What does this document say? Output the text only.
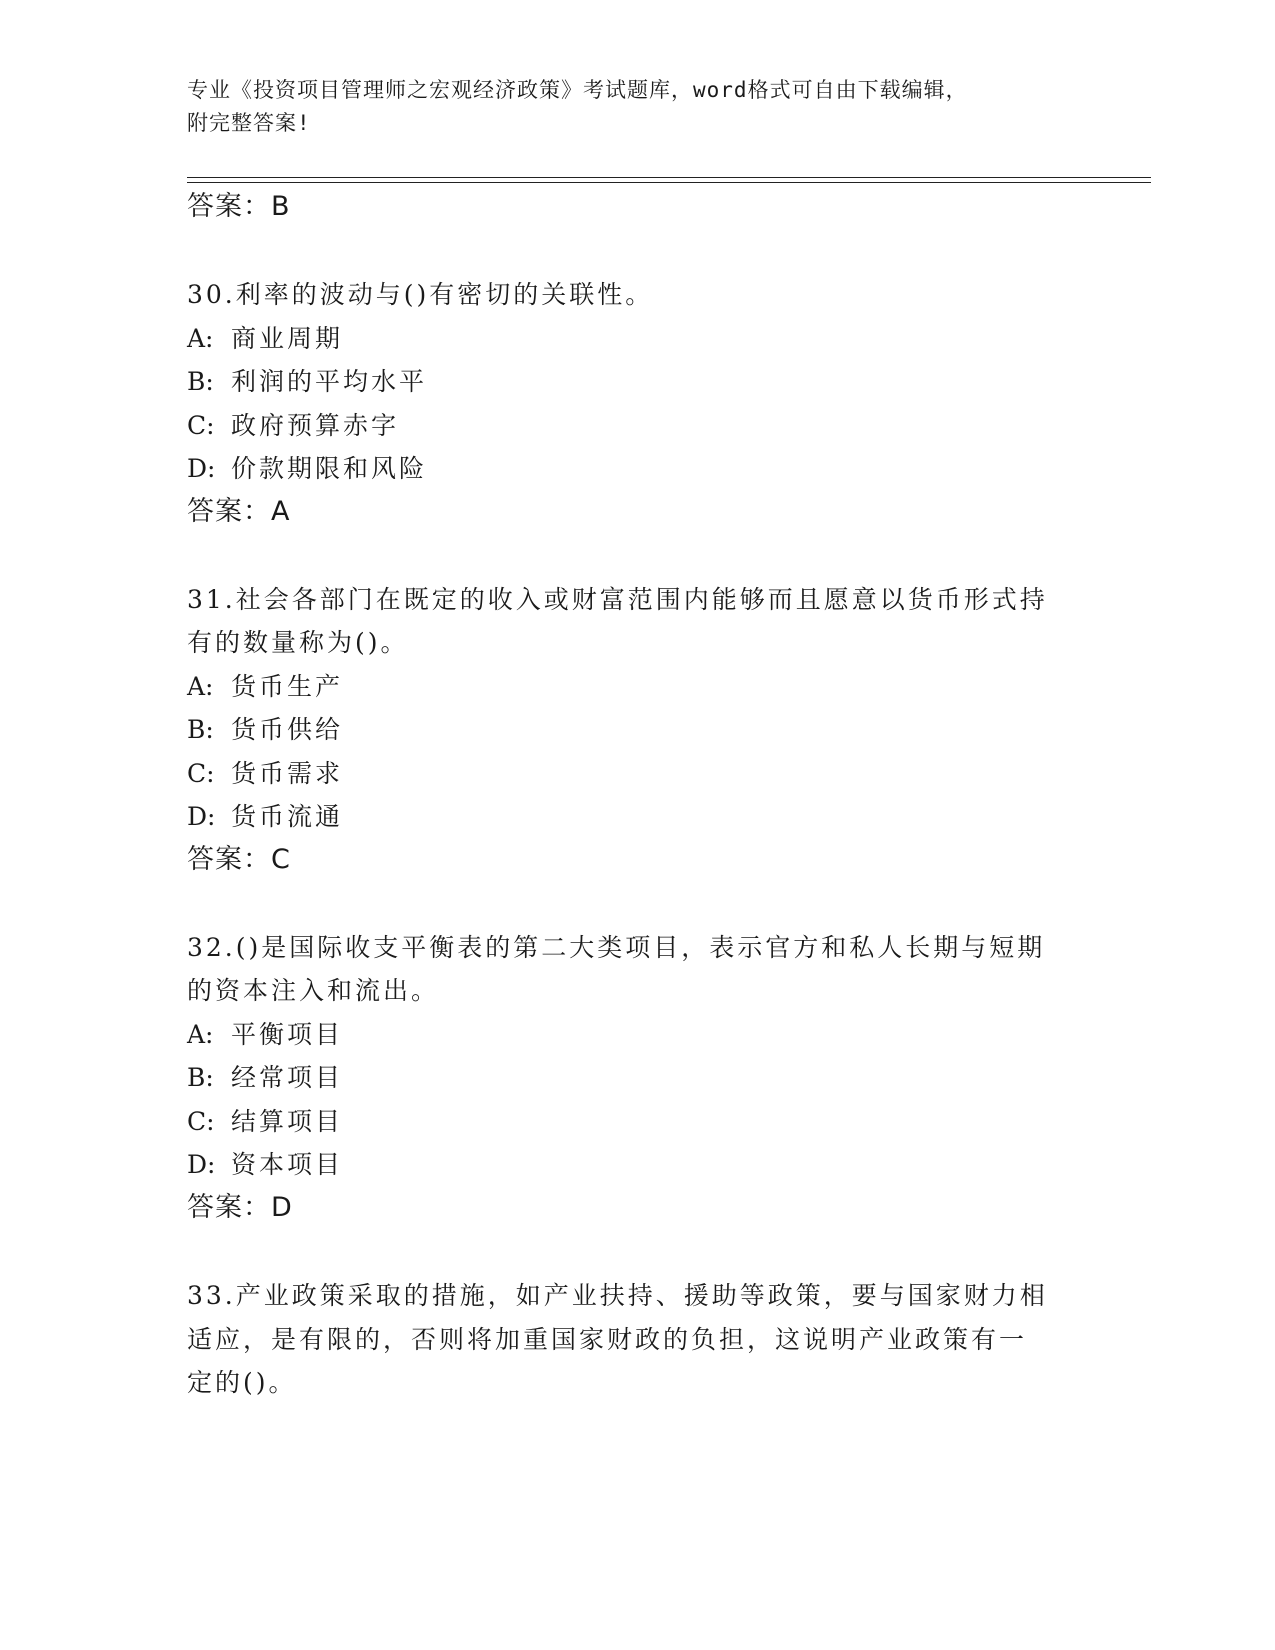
专业《投资项目管理师之宏观经济政策》考试题库，word格式可自由下载编辑，
附完整答案!
答案：B
30.利率的波动与()有密切的关联性。
A: 商业周期
B: 利润的平均水平
C: 政府预算赤字
D: 价款期限和风险
答案：A
31.社会各部门在既定的收入或财富范围内能够而且愿意以货币形式持
有的数量称为()。
A: 货币生产
B: 货币供给
C: 货币需求
D: 货币流通
答案：C
32.()是国际收支平衡表的第二大类项目，表示官方和私人长期与短期
的资本注入和流出。
A: 平衡项目
B: 经常项目
C: 结算项目
D: 资本项目
答案：D
33.产业政策采取的措施，如产业扶持、援助等政策，要与国家财力相
适应，是有限的，否则将加重国家财政的负担，这说明产业政策有一
定的()。
